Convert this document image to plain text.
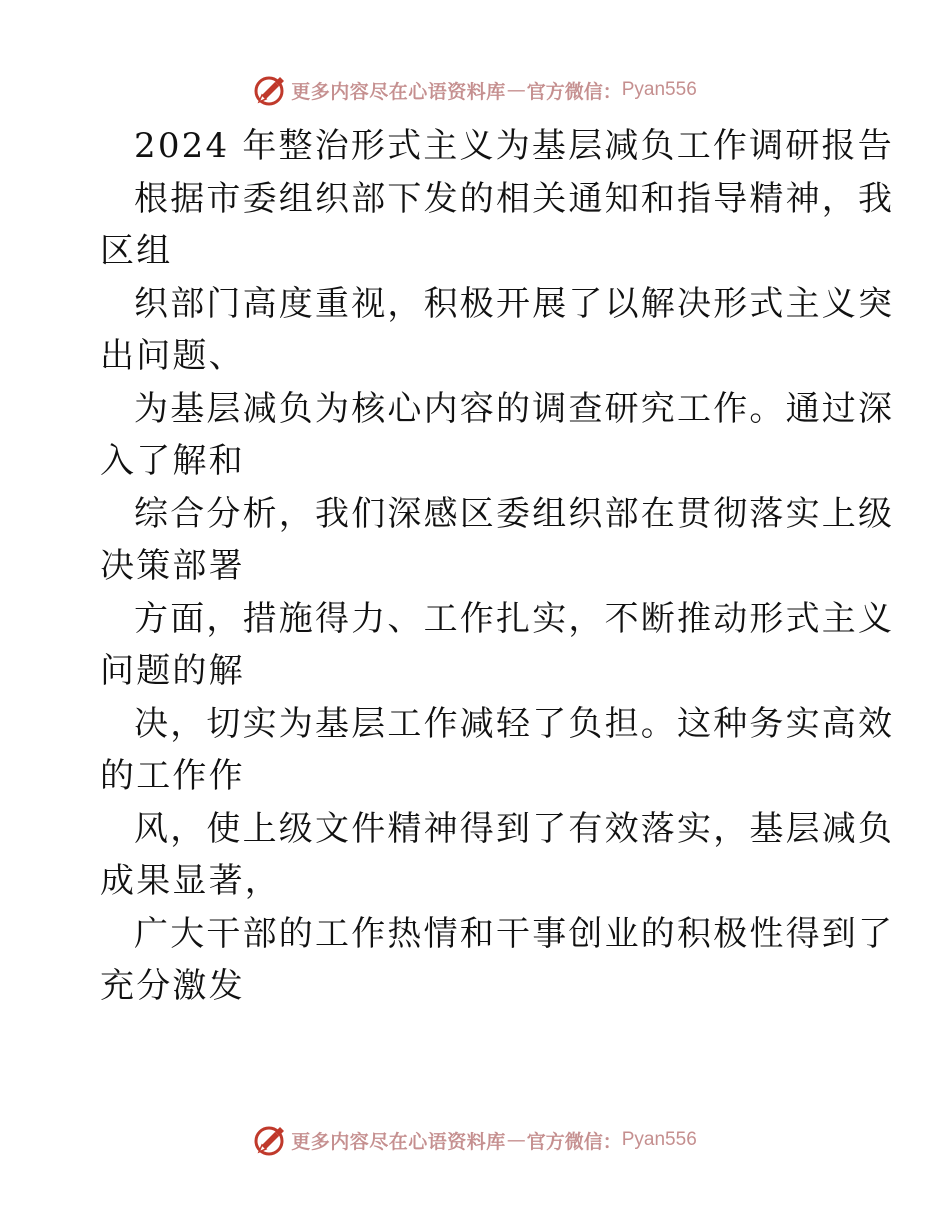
更多内容尽在心语资料库 — 官方微信： Pyan556
2024 年整治形式主义为基层减负工作调研报告
根据市委组织部下发的相关通知和指导精神，我
区组
织部门高度重视，积极开展了以解决形式主义突
出问题、
为基层减负为核心内容的调查研究工作。通过深
入了解和
综合分析，我们深感区委组织部在贯彻落实上级
决策部署
方面，措施得力、工作扎实，不断推动形式主义
问题的解
决，切实为基层工作减轻了负担。这种务实高效
的工作作
风，使上级文件精神得到了有效落实，基层减负
成果显著，
广大干部的工作热情和干事创业的积极性得到了
充分激发
更多内容尽在心语资料库 — 官方微信： Pyan556
